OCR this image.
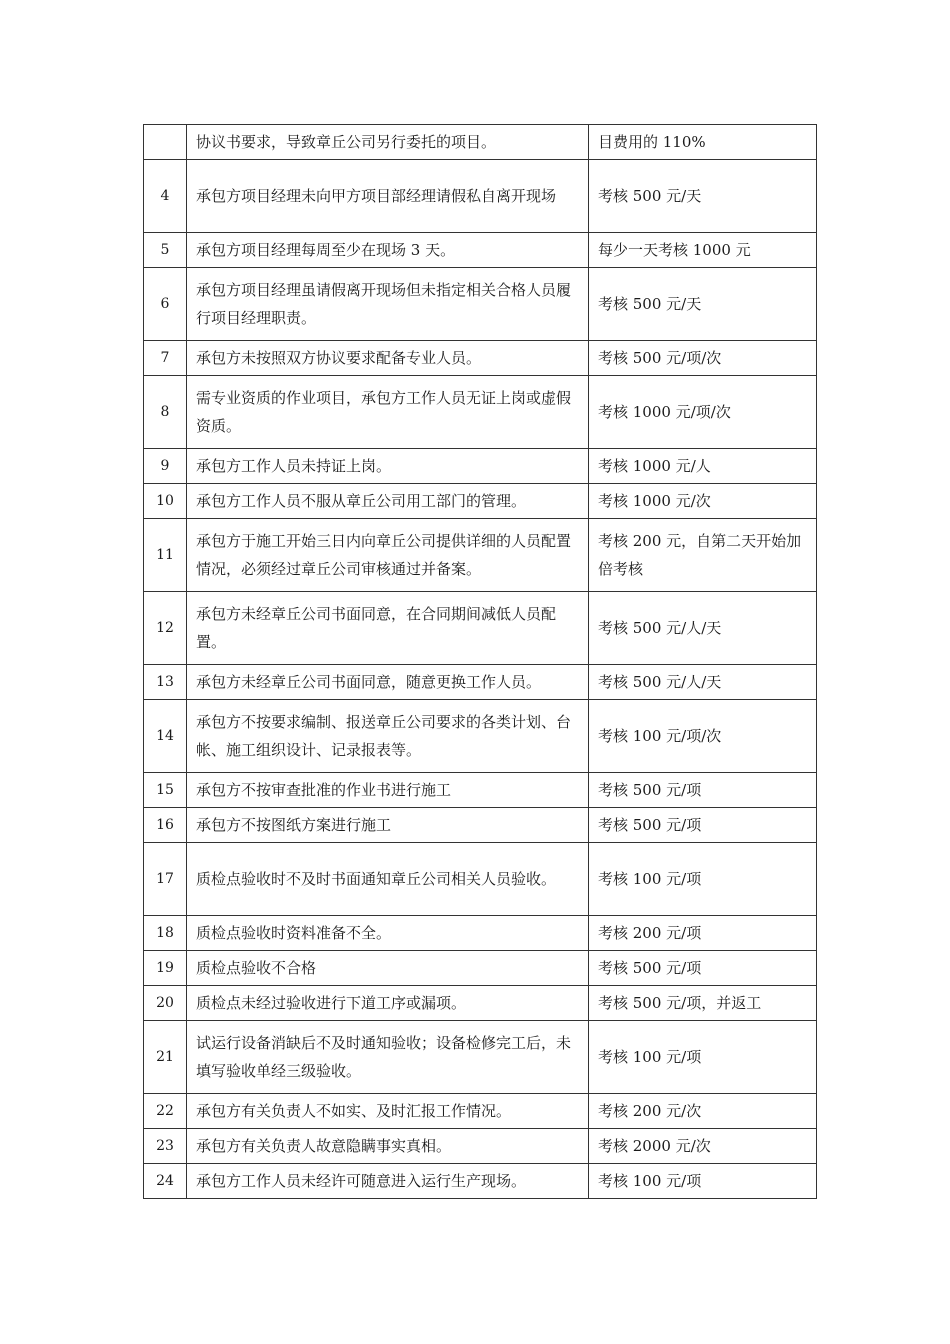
	协议书要求，导致章丘公司另行委托的项目。	目费用的 110%
4	承包方项目经理未向甲方项目部经理请假私自离开现场	考核 500 元/天
5	承包方项目经理每周至少在现场 3 天。	每少一天考核 1000 元
6	承包方项目经理虽请假离开现场但未指定相关合格人员履行项目经理职责。	考核 500 元/天
7	承包方未按照双方协议要求配备专业人员。	考核 500 元/项/次
8	需专业资质的作业项目，承包方工作人员无证上岗或虚假资质。	考核 1000 元/项/次
9	承包方工作人员未持证上岗。	考核 1000 元/人
10	承包方工作人员不服从章丘公司用工部门的管理。	考核 1000 元/次
11	承包方于施工开始三日内向章丘公司提供详细的人员配置情况，必须经过章丘公司审核通过并备案。	考核 200 元，自第二天开始加倍考核
12	承包方未经章丘公司书面同意，在合同期间减低人员配置。	考核 500 元/人/天
13	承包方未经章丘公司书面同意，随意更换工作人员。	考核 500 元/人/天
14	承包方不按要求编制、报送章丘公司要求的各类计划、台帐、施工组织设计、记录报表等。	考核 100 元/项/次
15	承包方不按审查批准的作业书进行施工	考核 500 元/项
16	承包方不按图纸方案进行施工	考核 500 元/项
17	质检点验收时不及时书面通知章丘公司相关人员验收。	考核 100 元/项
18	质检点验收时资料准备不全。	考核 200 元/项
19	质检点验收不合格	考核 500 元/项
20	质检点未经过验收进行下道工序或漏项。	考核 500 元/项，并返工
21	试运行设备消缺后不及时通知验收；设备检修完工后，未填写验收单经三级验收。	考核 100 元/项
22	承包方有关负责人不如实、及时汇报工作情况。	考核 200 元/次
23	承包方有关负责人故意隐瞒事实真相。	考核 2000 元/次
24	承包方工作人员未经许可随意进入运行生产现场。	考核 100 元/项
